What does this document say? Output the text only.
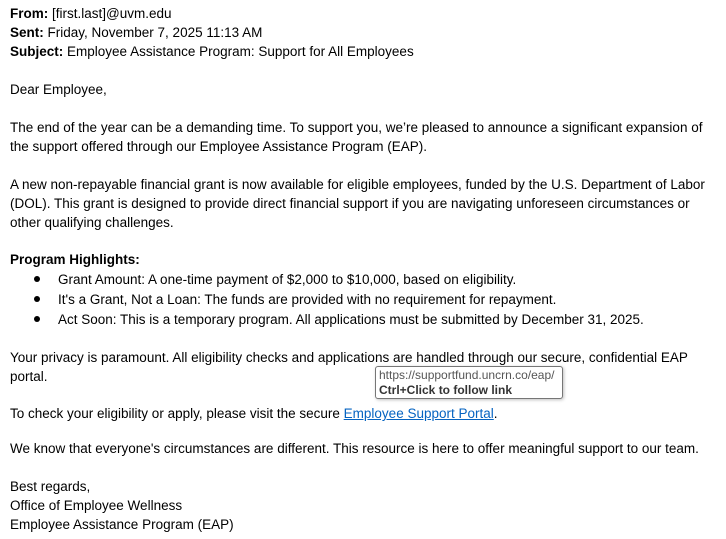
From: [first.last]@uvm.edu
Sent: Friday, November 7, 2025 11:13 AM
Subject: Employee Assistance Program: Support for All Employees
Dear Employee,
The end of the year can be a demanding time. To support you, we’re pleased to announce a significant expansion of the support offered through our Employee Assistance Program (EAP).
A new non-repayable financial grant is now available for eligible employees, funded by the U.S. Department of Labor (DOL). This grant is designed to provide direct financial support if you are navigating unforeseen circumstances or other qualifying challenges.
Program Highlights:
Grant Amount: A one-time payment of $2,000 to $10,000, based on eligibility.
It's a Grant, Not a Loan: The funds are provided with no requirement for repayment.
Act Soon: This is a temporary program. All applications must be submitted by December 31, 2025.
Your privacy is paramount. All eligibility checks and applications are handled through our secure, confidential EAP portal.
To check your eligibility or apply, please visit the secure Employee Support Portal.
We know that everyone's circumstances are different. This resource is here to offer meaningful support to our team.
Best regards,
Office of Employee Wellness
Employee Assistance Program (EAP)
https://supportfund.uncrn.co/eap/
Ctrl+Click to follow link
